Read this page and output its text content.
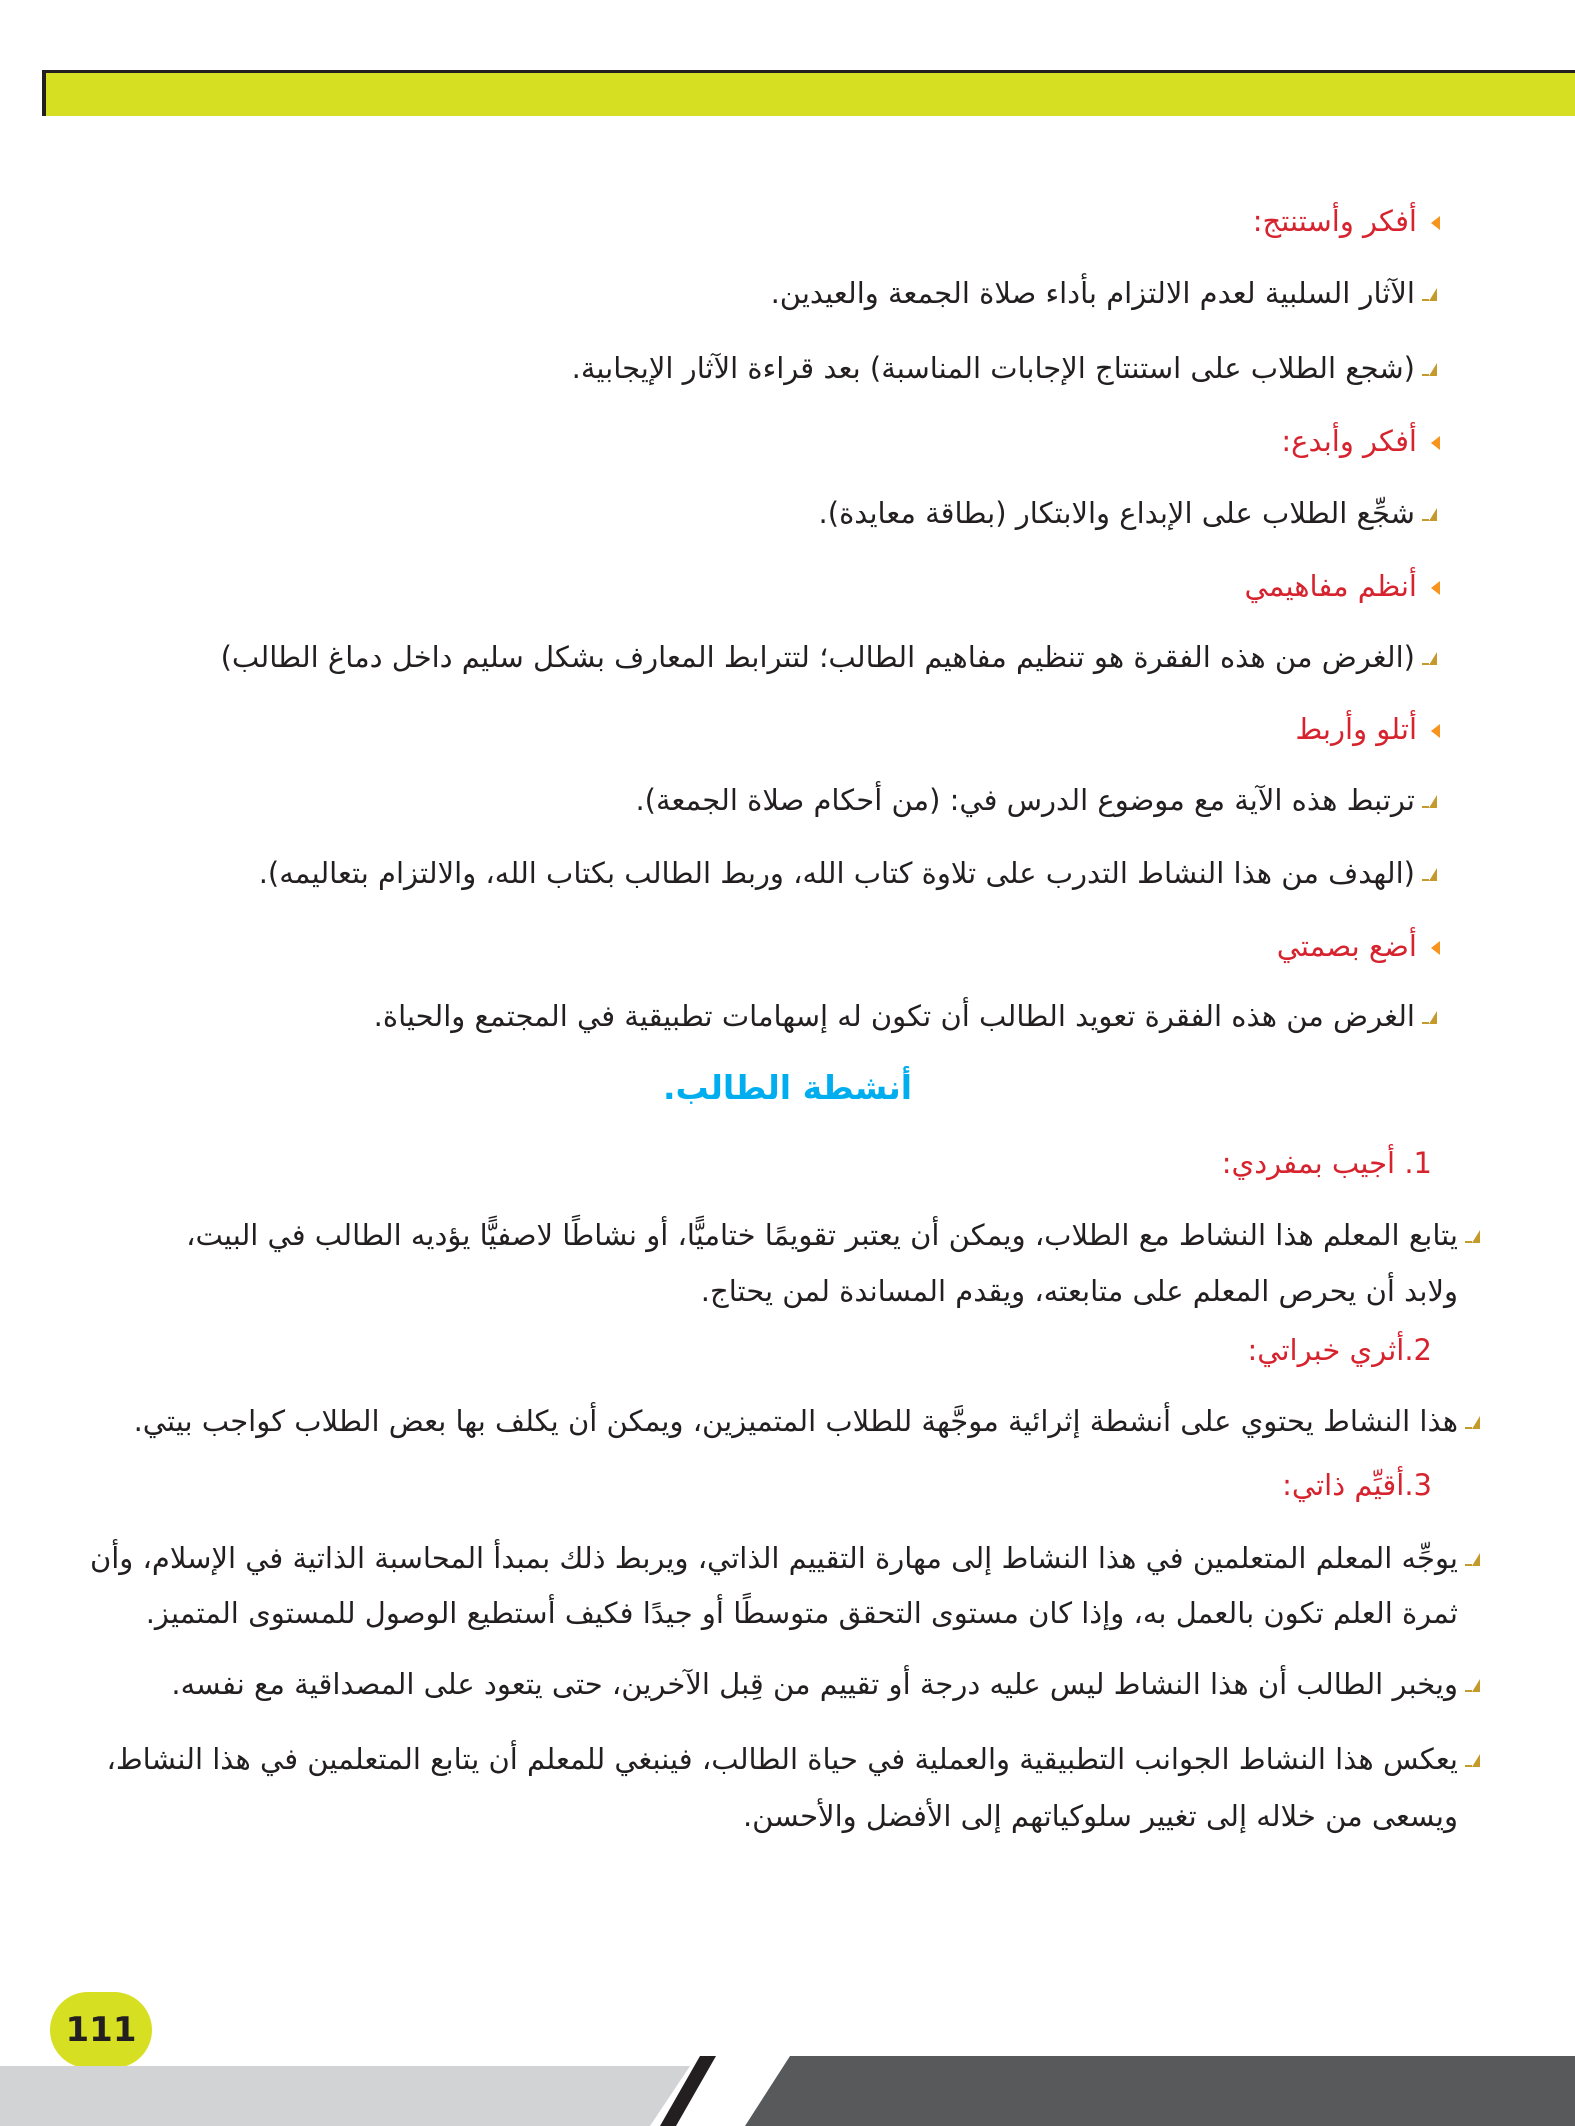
أفكر وأستنتج:
الآثار السلبية لعدم الالتزام بأداء صلاة الجمعة والعيدين.
(شجع الطلاب على استنتاج الإجابات المناسبة) بعد قراءة الآثار الإيجابية.
أفكر وأبدع:
شجِّع الطلاب على الإبداع والابتكار (بطاقة معايدة).
أنظم مفاهيمي
(الغرض من هذه الفقرة هو تنظيم مفاهيم الطالب؛ لتترابط المعارف بشكل سليم داخل دماغ الطالب)
أتلو وأربط
ترتبط هذه الآية مع موضوع الدرس في: (من أحكام صلاة الجمعة).
(الهدف من هذا النشاط التدرب على تلاوة كتاب الله، وربط الطالب بكتاب الله، والالتزام بتعاليمه).
أضع بصمتي
الغرض من هذه الفقرة تعويد الطالب أن تكون له إسهامات تطبيقية في المجتمع والحياة.
أنشطة الطالب.
1. أجيب بمفردي:
يتابع المعلم هذا النشاط مع الطلاب، ويمكن أن يعتبر تقويمًا ختاميًّا، أو نشاطًا لاصفيًّا يؤديه الطالب في البيت،
ولابد أن يحرص المعلم على متابعته، ويقدم المساندة لمن يحتاج.
2.أثري خبراتي:
هذا النشاط يحتوي على أنشطة إثرائية موجَّهة للطلاب المتميزين، ويمكن أن يكلف بها بعض الطلاب كواجب بيتي.
3.أقيِّم ذاتي:
يوجِّه المعلم المتعلمين في هذا النشاط إلى مهارة التقييم الذاتي، ويربط ذلك بمبدأ المحاسبة الذاتية في الإسلام، وأن
ثمرة العلم تكون بالعمل به، وإذا كان مستوى التحقق متوسطًا أو جيدًا فكيف أستطيع الوصول للمستوى المتميز.
ويخبر الطالب أن هذا النشاط ليس عليه درجة أو تقييم من قِبل الآخرين، حتى يتعود على المصداقية مع نفسه.
يعكس هذا النشاط الجوانب التطبيقية والعملية في حياة الطالب، فينبغي للمعلم أن يتابع المتعلمين في هذا النشاط،
ويسعى من خلاله إلى تغيير سلوكياتهم إلى الأفضل والأحسن.
111
